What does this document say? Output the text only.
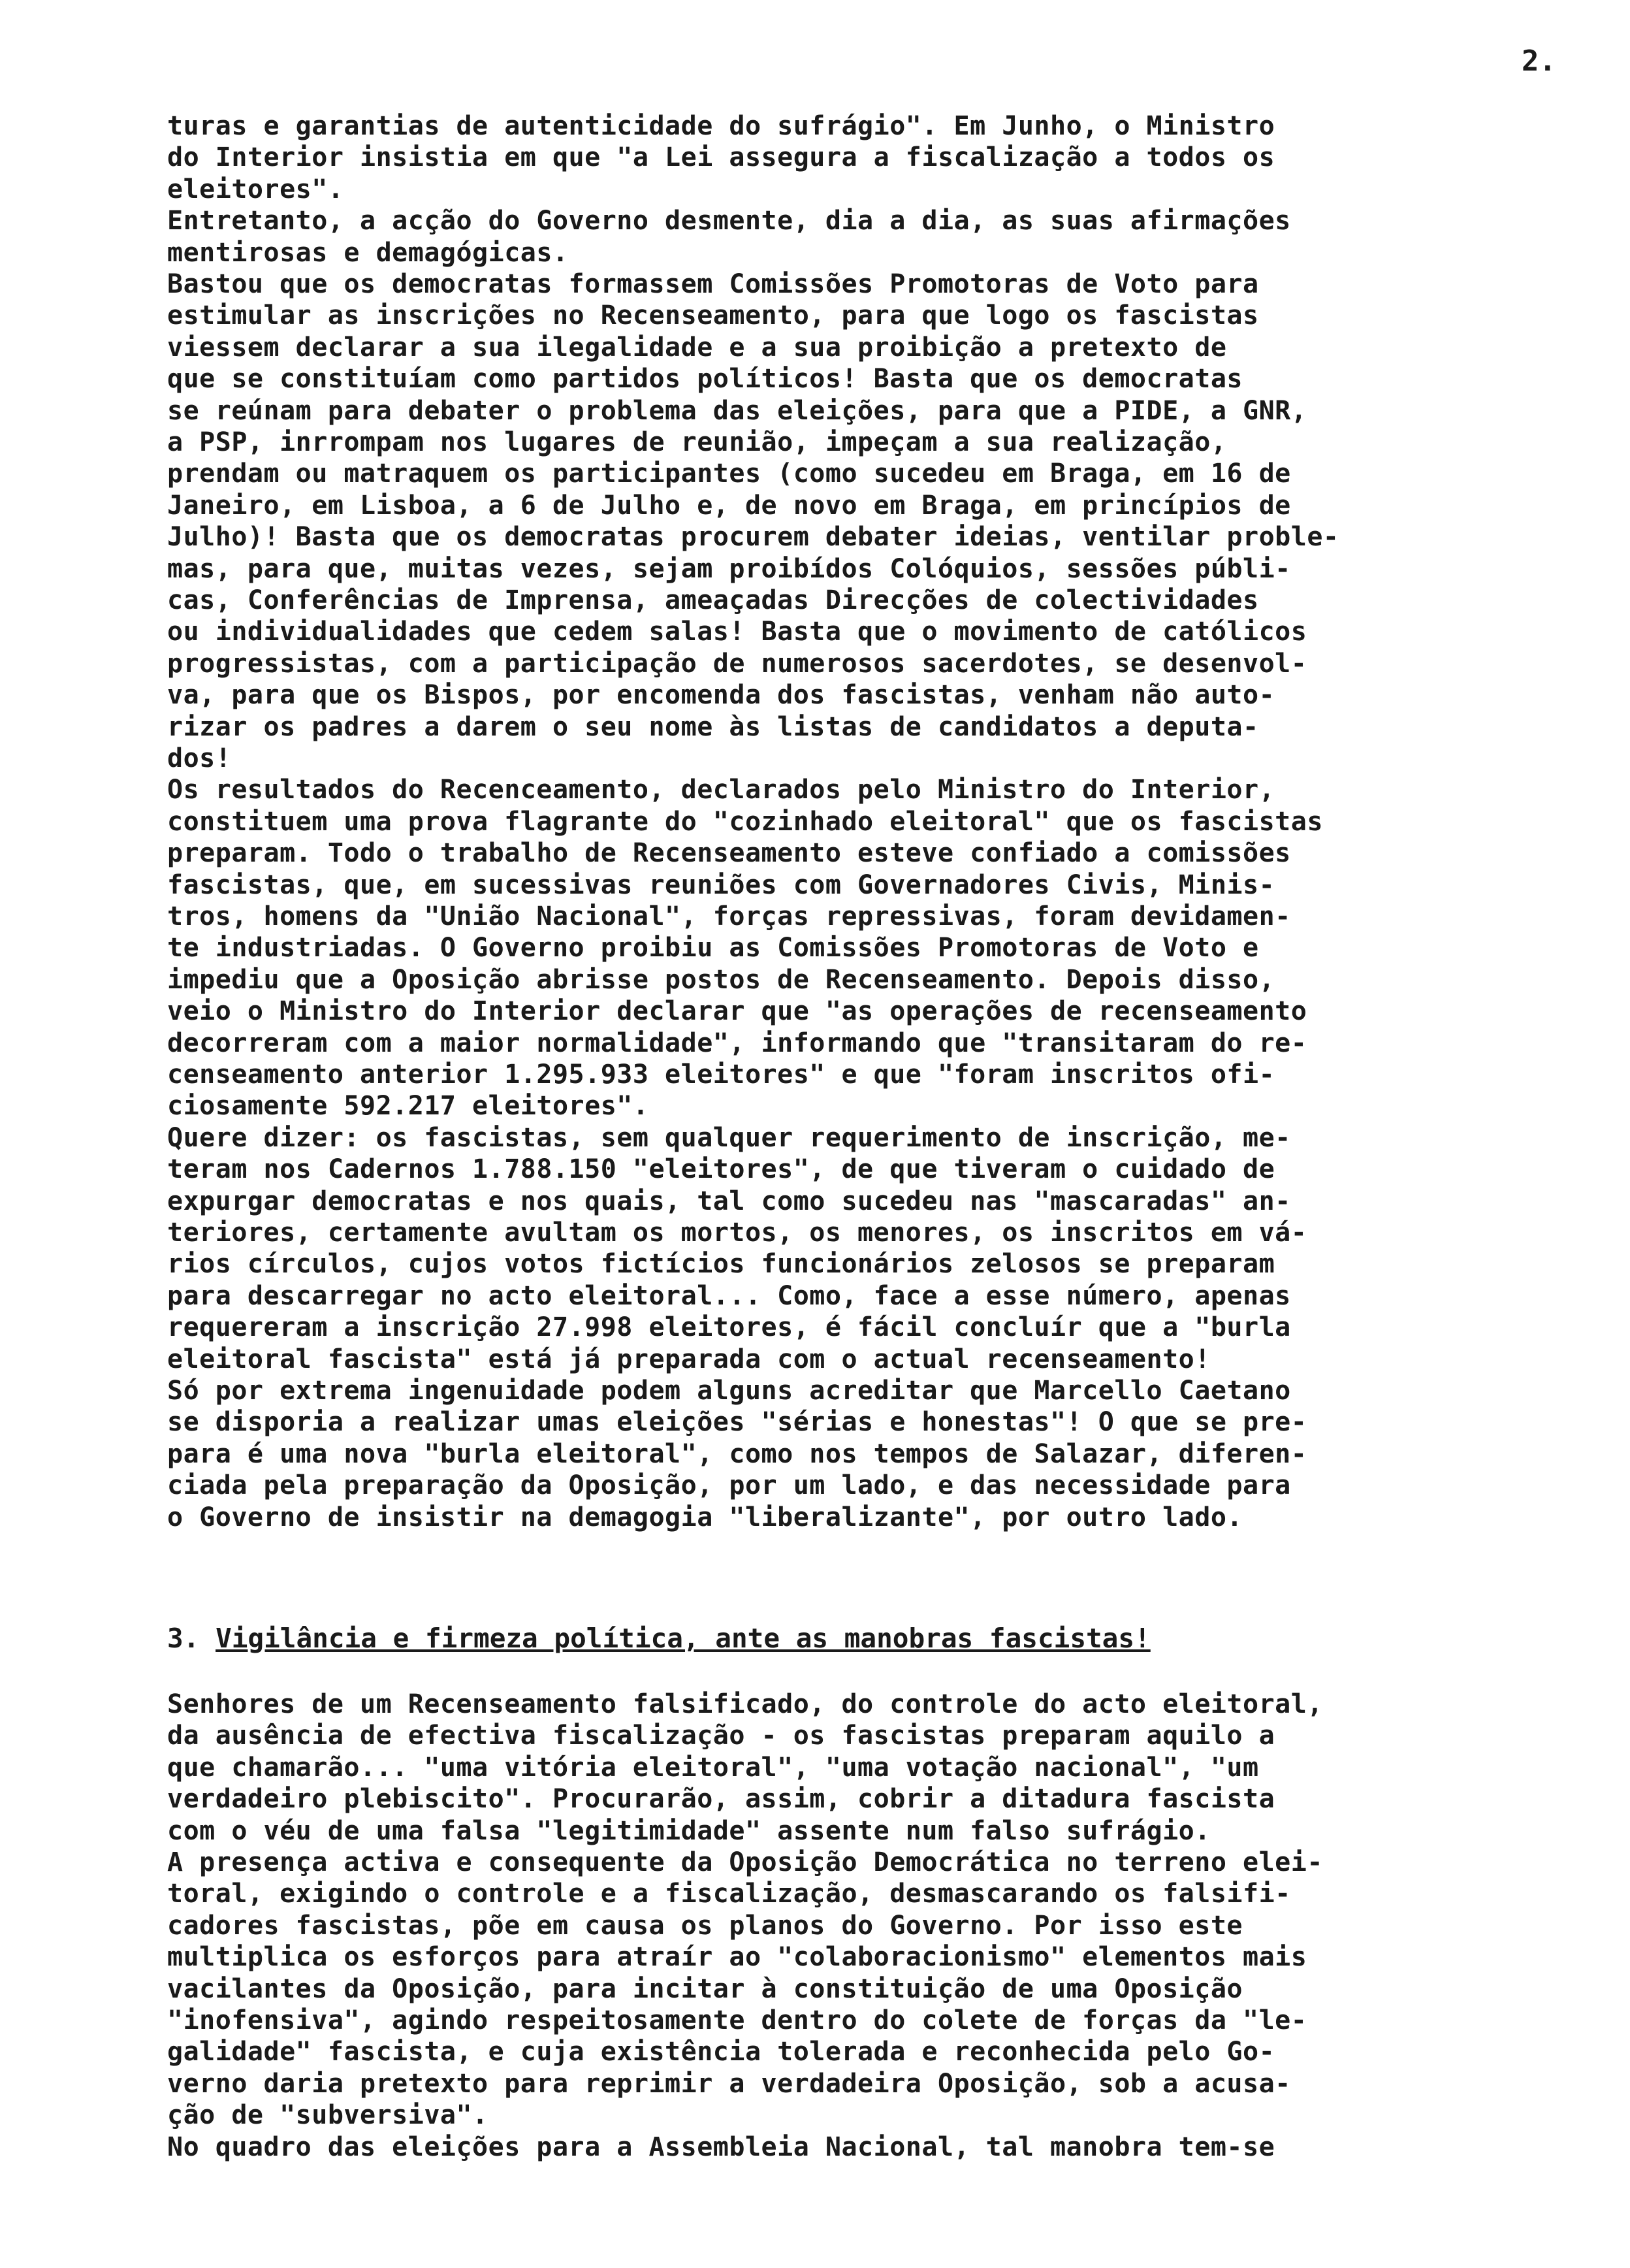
2.
turas e garantias de autenticidade do sufrágio". Em Junho, o Ministro
do Interior insistia em que "a Lei assegura a fiscalização a todos os
eleitores".
Entretanto, a acção do Governo desmente, dia a dia, as suas afirmações
mentirosas e demagógicas.
Bastou que os democratas formassem Comissões Promotoras de Voto para
estimular as inscrições no Recenseamento, para que logo os fascistas
viessem declarar a sua ilegalidade e a sua proibição a pretexto de
que se constituíam como partidos políticos! Basta que os democratas
se reúnam para debater o problema das eleições, para que a PIDE, a GNR,
a PSP, inrrompam nos lugares de reunião, impeçam a sua realização,
prendam ou matraquem os participantes (como sucedeu em Braga, em 16 de
Janeiro, em Lisboa, a 6 de Julho e, de novo em Braga, em princípios de
Julho)! Basta que os democratas procurem debater ideias, ventilar proble-
mas, para que, muitas vezes, sejam proibídos Colóquios, sessões públi-
cas, Conferências de Imprensa, ameaçadas Direcções de colectividades
ou individualidades que cedem salas! Basta que o movimento de católicos
progressistas, com a participação de numerosos sacerdotes, se desenvol-
va, para que os Bispos, por encomenda dos fascistas, venham não auto-
rizar os padres a darem o seu nome às listas de candidatos a deputa-
dos!
Os resultados do Recenceamento, declarados pelo Ministro do Interior,
constituem uma prova flagrante do "cozinhado eleitoral" que os fascistas
preparam. Todo o trabalho de Recenseamento esteve confiado a comissões
fascistas, que, em sucessivas reuniões com Governadores Civis, Minis-
tros, homens da "União Nacional", forças repressivas, foram devidamen-
te industriadas. O Governo proibiu as Comissões Promotoras de Voto e
impediu que a Oposição abrisse postos de Recenseamento. Depois disso,
veio o Ministro do Interior declarar que "as operações de recenseamento
decorreram com a maior normalidade", informando que "transitaram do re-
censeamento anterior 1.295.933 eleitores" e que "foram inscritos ofi-
ciosamente 592.217 eleitores".
Quere dizer: os fascistas, sem qualquer requerimento de inscrição, me-
teram nos Cadernos 1.788.150 "eleitores", de que tiveram o cuidado de
expurgar democratas e nos quais, tal como sucedeu nas "mascaradas" an-
teriores, certamente avultam os mortos, os menores, os inscritos em vá-
rios círculos, cujos votos fictícios funcionários zelosos se preparam
para descarregar no acto eleitoral... Como, face a esse número, apenas
requereram a inscrição 27.998 eleitores, é fácil concluír que a "burla
eleitoral fascista" está já preparada com o actual recenseamento!
Só por extrema ingenuidade podem alguns acreditar que Marcello Caetano
se disporia a realizar umas eleições "sérias e honestas"! O que se pre-
para é uma nova "burla eleitoral", como nos tempos de Salazar, diferen-
ciada pela preparação da Oposição, por um lado, e das necessidade para
o Governo de insistir na demagogia "liberalizante", por outro lado.
3. Vigilância e firmeza política, ante as manobras fascistas!
Senhores de um Recenseamento falsificado, do controle do acto eleitoral,
da ausência de efectiva fiscalização - os fascistas preparam aquilo a
que chamarão... "uma vitória eleitoral", "uma votação nacional", "um
verdadeiro plebiscito". Procurarão, assim, cobrir a ditadura fascista
com o véu de uma falsa "legitimidade" assente num falso sufrágio.
A presença activa e consequente da Oposição Democrática no terreno elei-
toral, exigindo o controle e a fiscalização, desmascarando os falsifi-
cadores fascistas, põe em causa os planos do Governo. Por isso este
multiplica os esforços para atraír ao "colaboracionismo" elementos mais
vacilantes da Oposição, para incitar à constituição de uma Oposição
"inofensiva", agindo respeitosamente dentro do colete de forças da "le-
galidade" fascista, e cuja existência tolerada e reconhecida pelo Go-
verno daria pretexto para reprimir a verdadeira Oposição, sob a acusa-
ção de "subversiva".
No quadro das eleições para a Assembleia Nacional, tal manobra tem-se
